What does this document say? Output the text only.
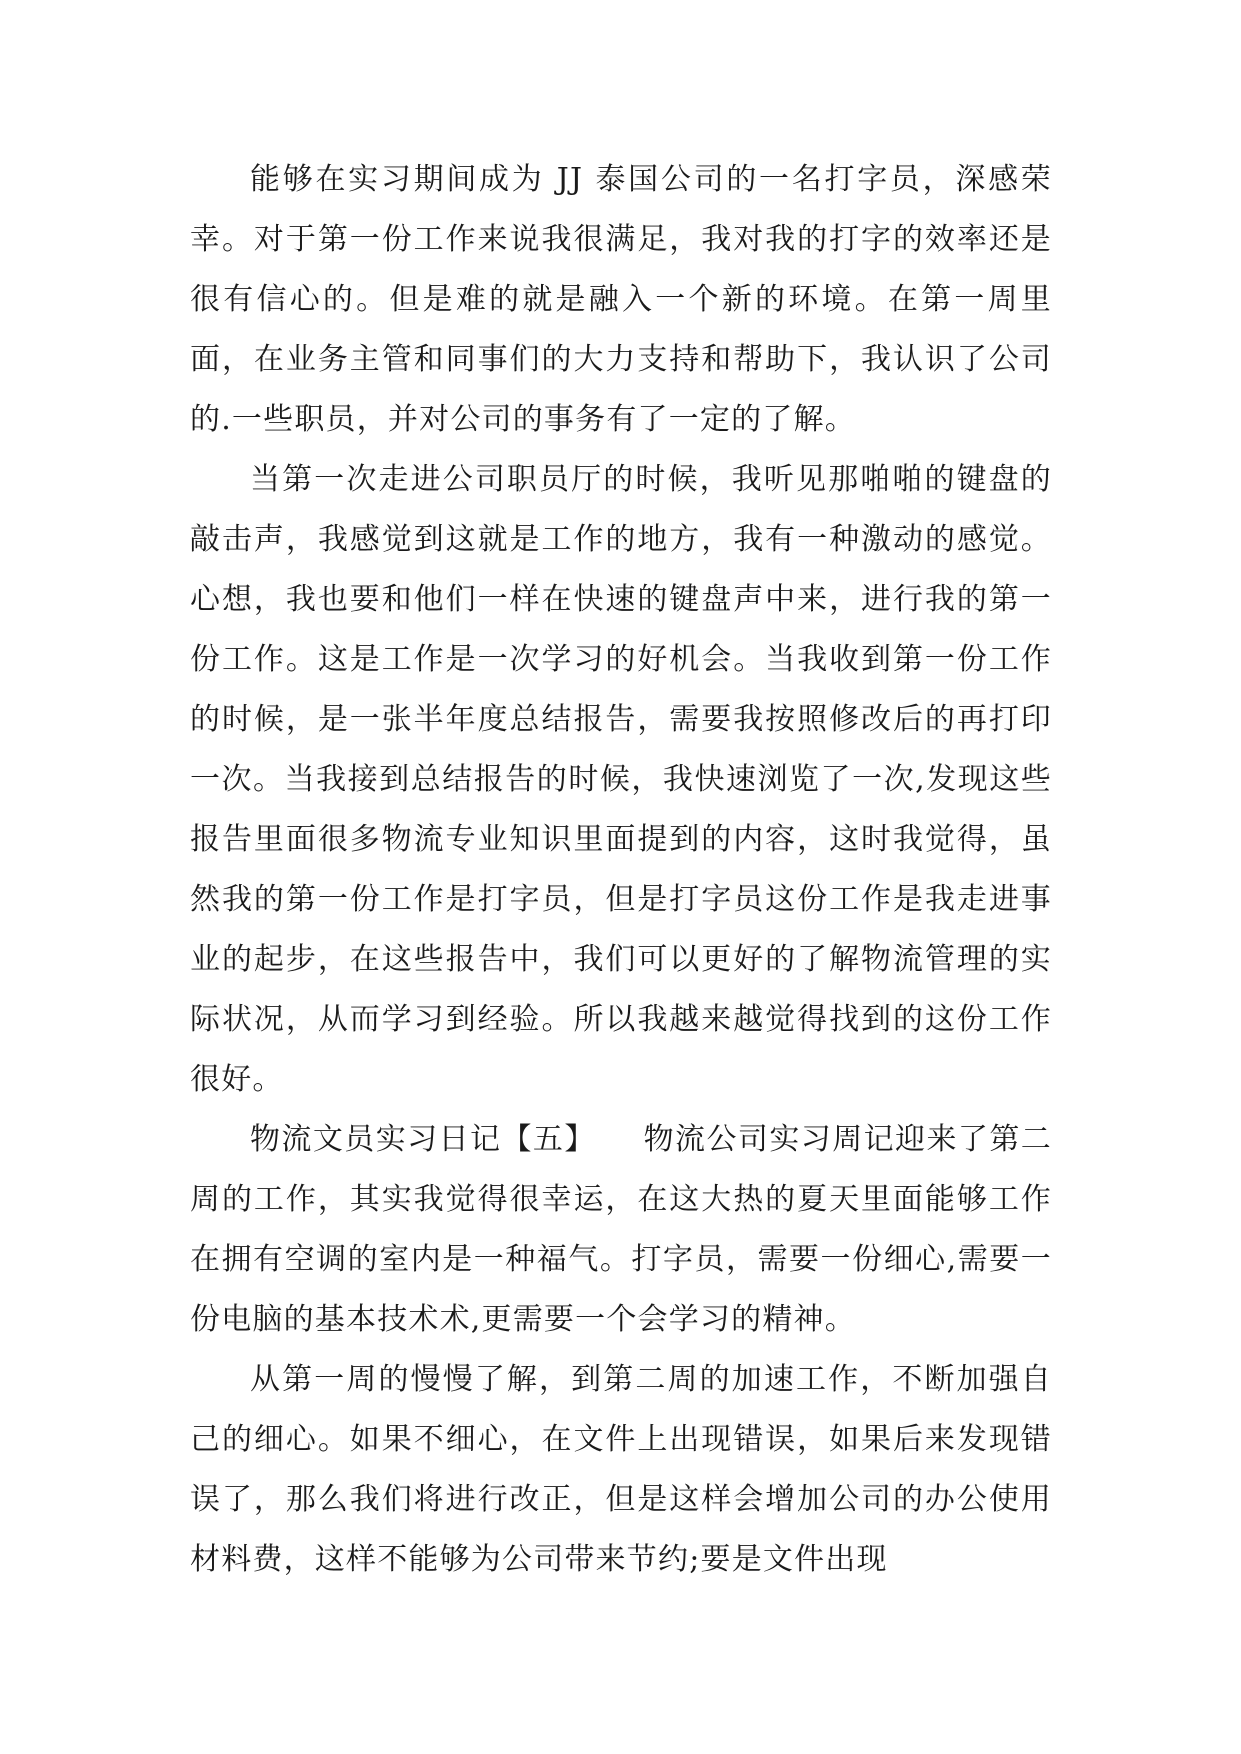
能够在实习期间成为 JJ 泰国公司的一名打字员，深感荣幸。对于第一份工作来说我很满足，我对我的打字的效率还是很有信心的。但是难的就是融入一个新的环境。在第一周里面，在业务主管和同事们的大力支持和帮助下，我认识了公司的.一些职员，并对公司的事务有了一定的了解。

当第一次走进公司职员厅的时候，我听见那啪啪的键盘的敲击声，我感觉到这就是工作的地方，我有一种激动的感觉。心想，我也要和他们一样在快速的键盘声中来，进行我的第一份工作。这是工作是一次学习的好机会。当我收到第一份工作的时候，是一张半年度总结报告，需要我按照修改后的再打印一次。当我接到总结报告的时候，我快速浏览了一次,发现这些报告里面很多物流专业知识里面提到的内容，这时我觉得，虽然我的第一份工作是打字员，但是打字员这份工作是我走进事业的起步，在这些报告中，我们可以更好的了解物流管理的实际状况，从而学习到经验。所以我越来越觉得找到的这份工作很好。

物流文员实习日记【五】　　物流公司实习周记迎来了第二周的工作，其实我觉得很幸运，在这大热的夏天里面能够工作在拥有空调的室内是一种福气。打字员，需要一份细心,需要一份电脑的基本技术术,更需要一个会学习的精神。

从第一周的慢慢了解，到第二周的加速工作，不断加强自己的细心。如果不细心，在文件上出现错误，如果后来发现错误了，那么我们将进行改正，但是这样会增加公司的办公使用材料费，这样不能够为公司带来节约;要是文件出现
